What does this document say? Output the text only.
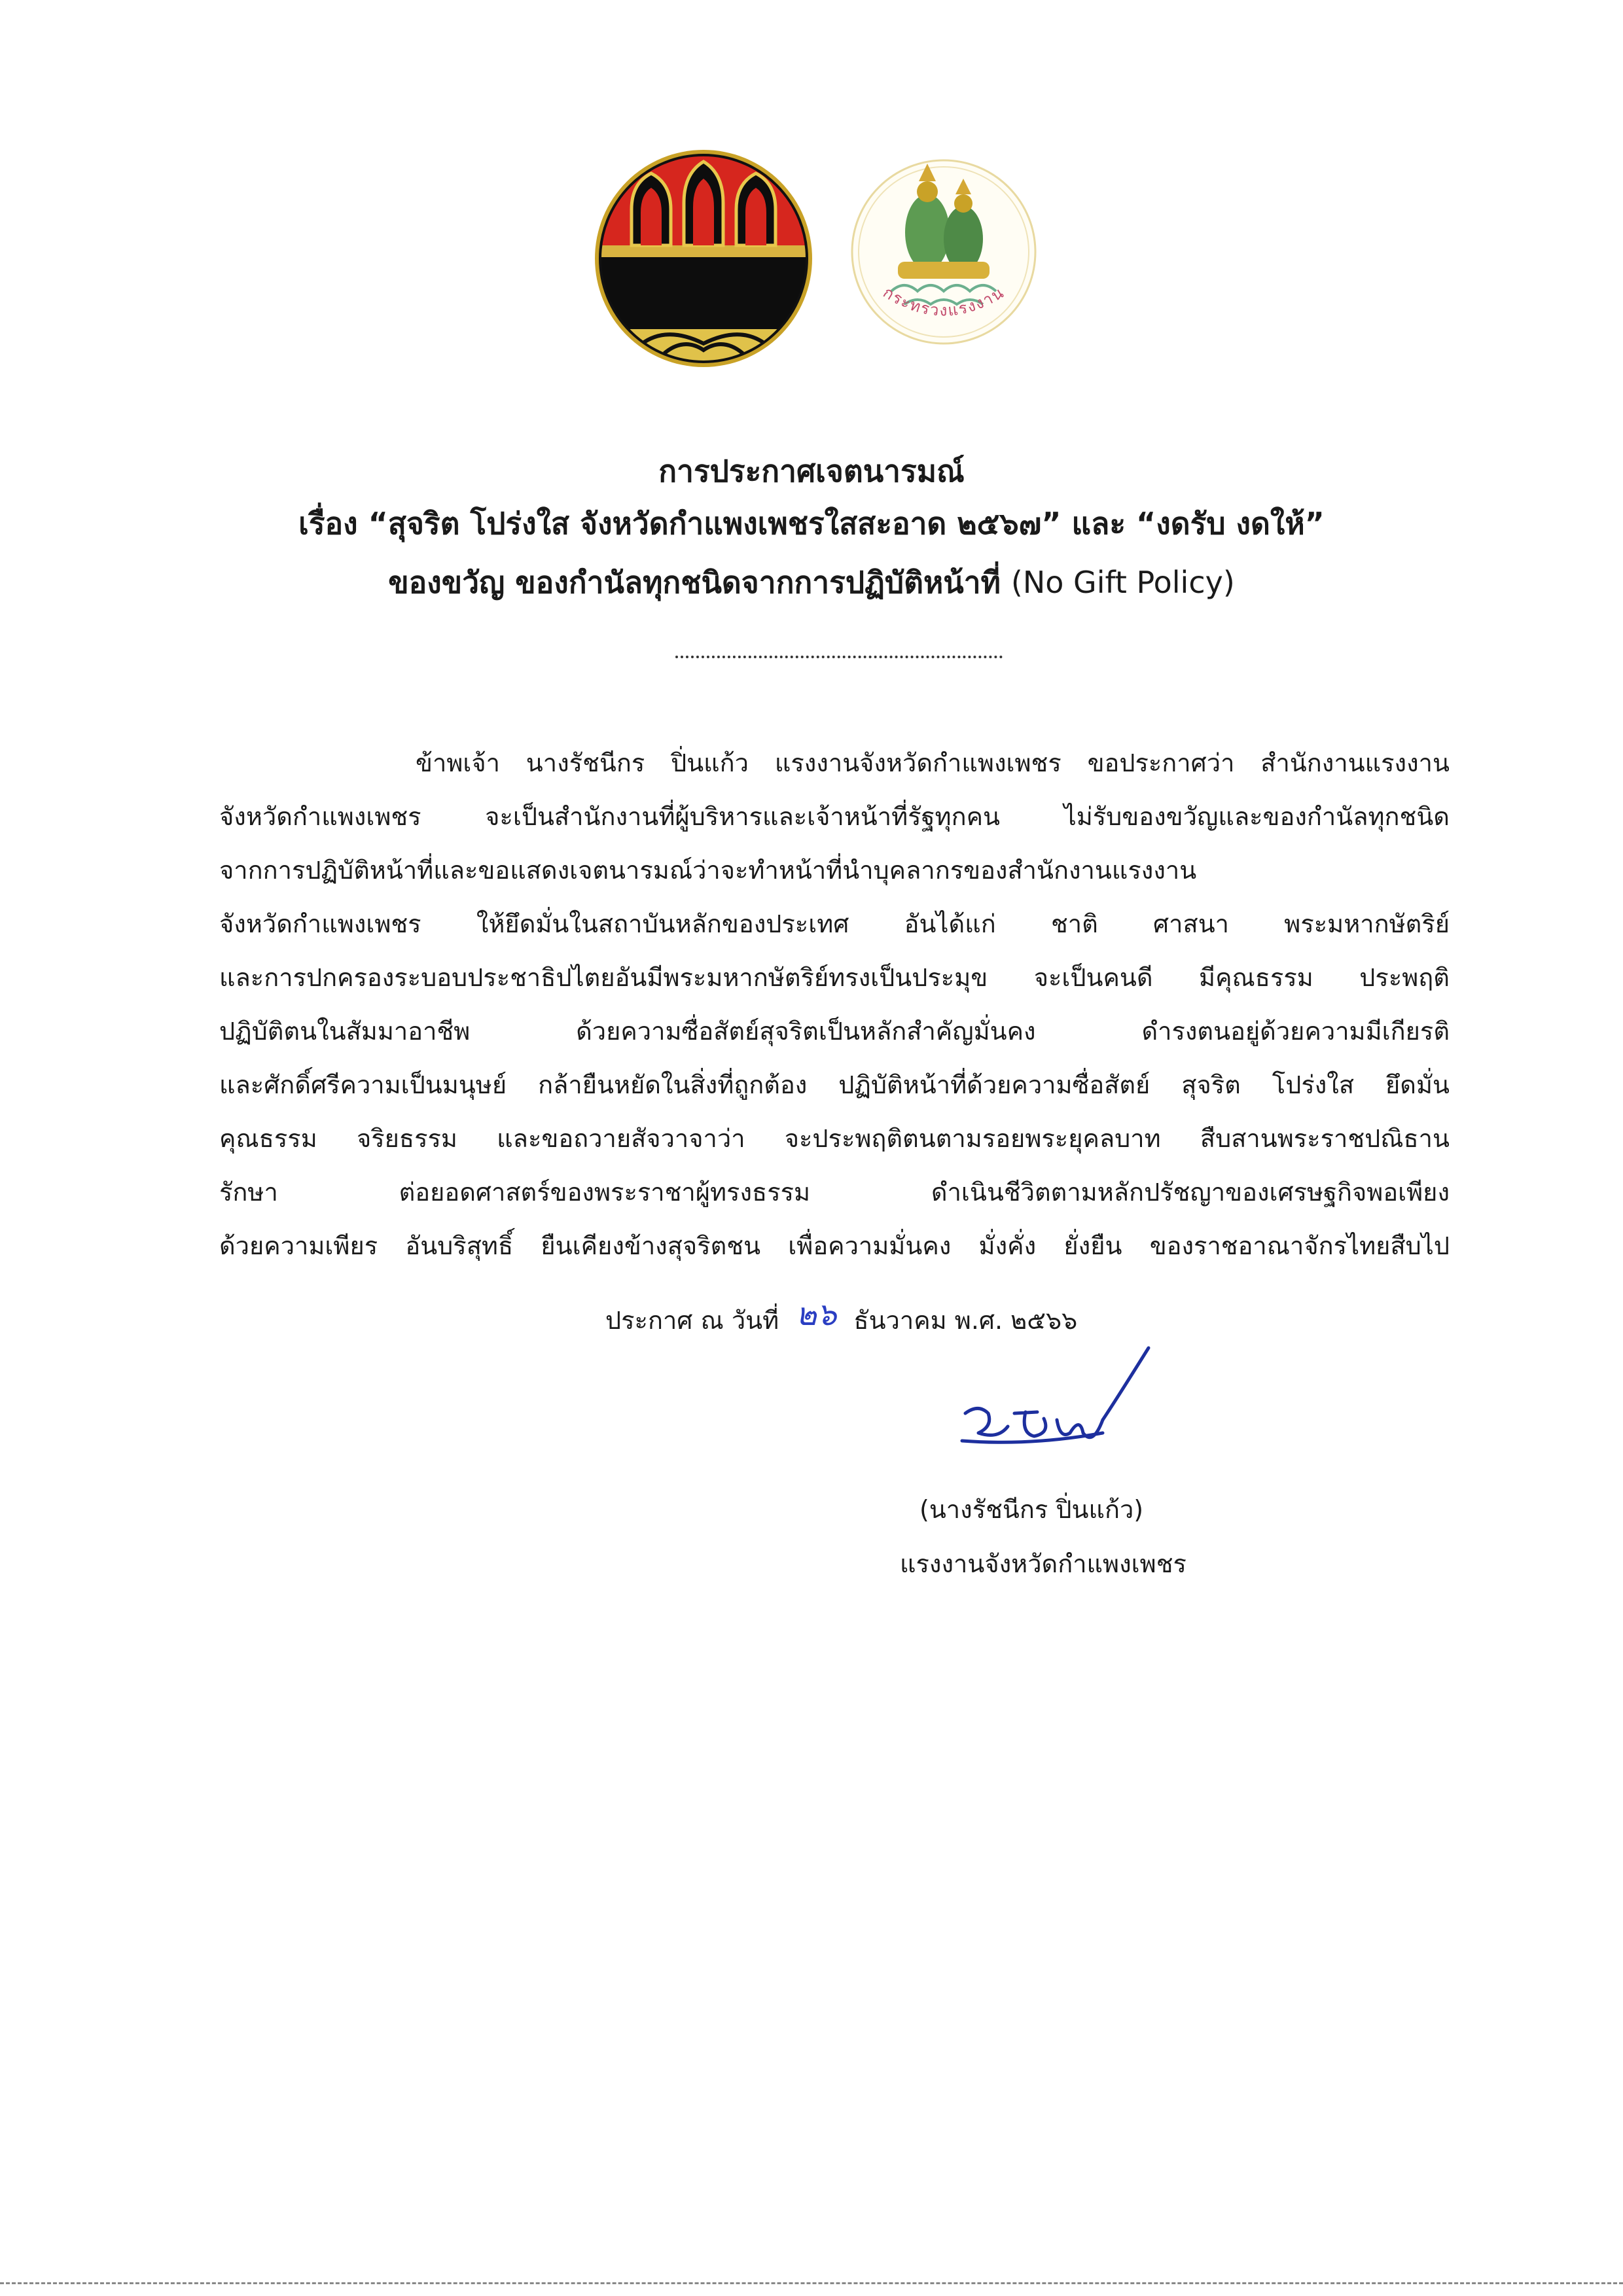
กระทรวงแรงงาน
การประกาศเจตนารมณ์
เรื่อง “สุจริต โปร่งใส จังหวัดกำแพงเพชรใสสะอาด ๒๕๖๗” และ “งดรับ งดให้”
ของขวัญ ของกำนัลทุกชนิดจากการปฏิบัติหน้าที่ (No Gift Policy)
ข้าพเจ้า นางรัชนีกร ปิ่นแก้ว แรงงานจังหวัดกำแพงเพชร ขอประกาศว่า สำนักงานแรงงาน
จังหวัดกำแพงเพชร จะเป็นสำนักงานที่ผู้บริหารและเจ้าหน้าที่รัฐทุกคน ไม่รับของขวัญและของกำนัลทุกชนิด
จากการปฏิบัติหน้าที่และขอแสดงเจตนารมณ์ว่าจะทำหน้าที่นำบุคลากรของสำนักงานแรงงาน
จังหวัดกำแพงเพชร ให้ยึดมั่นในสถาบันหลักของประเทศ อันได้แก่ ชาติ ศาสนา พระมหากษัตริย์
และการปกครองระบอบประชาธิปไตยอันมีพระมหากษัตริย์ทรงเป็นประมุข จะเป็นคนดี มีคุณธรรม ประพฤติ
ปฏิบัติตนในสัมมาอาชีพ ด้วยความซื่อสัตย์สุจริตเป็นหลักสำคัญมั่นคง ดำรงตนอยู่ด้วยความมีเกียรติ
และศักดิ์ศรีความเป็นมนุษย์ กล้ายืนหยัดในสิ่งที่ถูกต้อง ปฏิบัติหน้าที่ด้วยความซื่อสัตย์ สุจริต โปร่งใส ยึดมั่น
คุณธรรม จริยธรรม และขอถวายสัจวาจาว่า จะประพฤติตนตามรอยพระยุคลบาท สืบสานพระราชปณิธาน
รักษา ต่อยอดศาสตร์ของพระราชาผู้ทรงธรรม ดำเนินชีวิตตามหลักปรัชญาของเศรษฐกิจพอเพียง
ด้วยความเพียร อันบริสุทธิ์ ยืนเคียงข้างสุจริตชน เพื่อความมั่นคง มั่งคั่ง ยั่งยืน ของราชอาณาจักรไทยสืบไป
ประกาศ ณ วันที่ ๒๖ ธันวาคม พ.ศ. ๒๕๖๖
(นางรัชนีกร ปิ่นแก้ว)
แรงงานจังหวัดกำแพงเพชร
